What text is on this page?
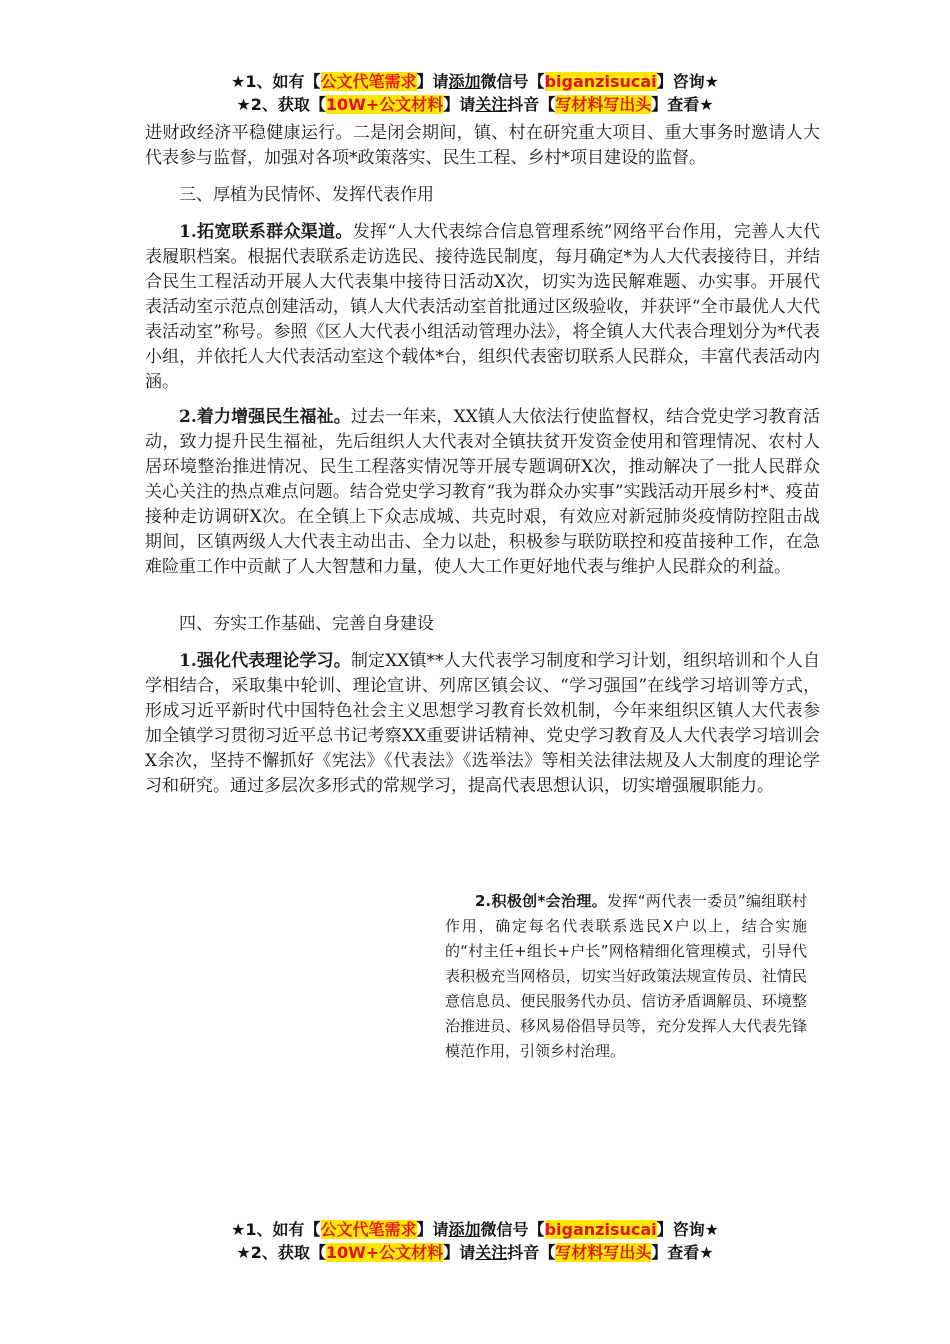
★1、如有【公文代笔需求】请添加微信号【biganzisucai】咨询★
★2、获取【10W+公文材料】请关注抖音【写材料写出头】查看★

进财政经济平稳健康运行。二是闭会期间，镇、村在研究重大项目、重大事务时邀请人大代表参与监督，加强对各项*政策落实、民生工程、乡村*项目建设的监督。

三、厚植为民情怀、发挥代表作用

1.拓宽联系群众渠道。发挥“人大代表综合信息管理系统”网络平台作用，完善人大代表履职档案。根据代表联系走访选民、接待选民制度，每月确定*为人大代表接待日，并结合民生工程活动开展人大代表集中接待日活动X次，切实为选民解难题、办实事。开展代表活动室示范点创建活动，镇人大代表活动室首批通过区级验收，并获评“全市最优人大代表活动室”称号。参照《区人大代表小组活动管理办法》，将全镇人大代表合理划分为*代表小组，并依托人大代表活动室这个载体*台，组织代表密切联系人民群众，丰富代表活动内涵。

2.着力增强民生福祉。过去一年来，XX镇人大依法行使监督权，结合党史学习教育活动，致力提升民生福祉，先后组织人大代表对全镇扶贫开发资金使用和管理情况、农村人居环境整治推进情况、民生工程落实情况等开展专题调研X次，推动解决了一批人民群众关心关注的热点难点问题。结合党史学习教育“我为群众办实事”实践活动开展乡村*、疫苗接种走访调研X次。在全镇上下众志成城、共克时艰，有效应对新冠肺炎疫情防控阻击战期间，区镇两级人大代表主动出击、全力以赴，积极参与联防联控和疫苗接种工作，在急难险重工作中贡献了人大智慧和力量，使人大工作更好地代表与维护人民群众的利益。

四、夯实工作基础、完善自身建设

1.强化代表理论学习。制定XX镇**人大代表学习制度和学习计划，组织培训和个人自学相结合，采取集中轮训、理论宣讲、列席区镇会议、“学习强国”在线学习培训等方式，形成习近平新时代中国特色社会主义思想学习教育长效机制，今年来组织区镇人大代表参加全镇学习贯彻习近平总书记考察XX重要讲话精神、党史学习教育及人大代表学习培训会X余次，坚持不懈抓好《宪法》《代表法》《选举法》等相关法律法规及人大制度的理论学习和研究。通过多层次多形式的常规学习，提高代表思想认识，切实增强履职能力。

2.积极创*会治理。发挥“两代表一委员”编组联村作用，确定每名代表联系选民X户以上，结合实施的“村主任+组长+户长”网格精细化管理模式，引导代表积极充当网格员，切实当好政策法规宣传员、社情民意信息员、便民服务代办员、信访矛盾调解员、环境整治推进员、移风易俗倡导员等，充分发挥人大代表先锋模范作用，引领乡村治理。

★1、如有【公文代笔需求】请添加微信号【biganzisucai】咨询★
★2、获取【10W+公文材料】请关注抖音【写材料写出头】查看★
